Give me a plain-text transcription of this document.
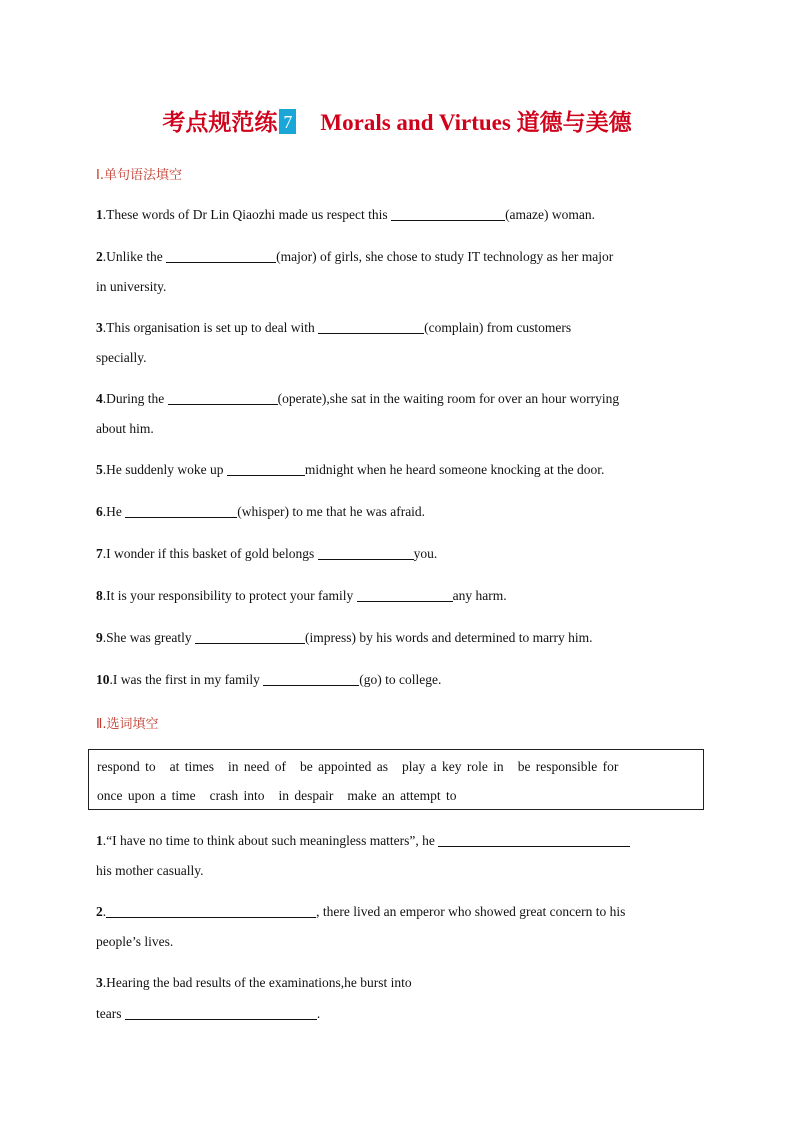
考点规范练 7 Morals and Virtues 道德与美德
Ⅰ.单句语法填空
1.These words of Dr Lin Qiaozhi made us respect this	(amaze) woman.
2.Unlike the	(major) of girls, she chose to study IT technology as her major
in university.
3.This organisation is set up to deal with	(complain) from customers
specially.
4.During the	(operate),she sat in the waiting room for over an hour worrying
about him.
5.He suddenly woke up	midnight when he heard someone knocking at the door.
6.He	(whisper) to me that he was afraid.
7.I wonder if this basket of gold belongs	you.
8.It is your responsibility to protect your family	any harm.
9.She was greatly	(impress) by his words and determined to marry him.
10.I was the first in my family	(go) to college.
Ⅱ.选词填空
respond to at times in need of be appointed as play a key role in be responsible for
once upon a time crash into in despair make an attempt to
1.“I have no time to think about such meaningless matters”, he
his mother casually.
2.	, there lived an emperor who showed great concern to his
people’s lives.
3.Hearing the bad results of the examinations,he burst into
tears	.
